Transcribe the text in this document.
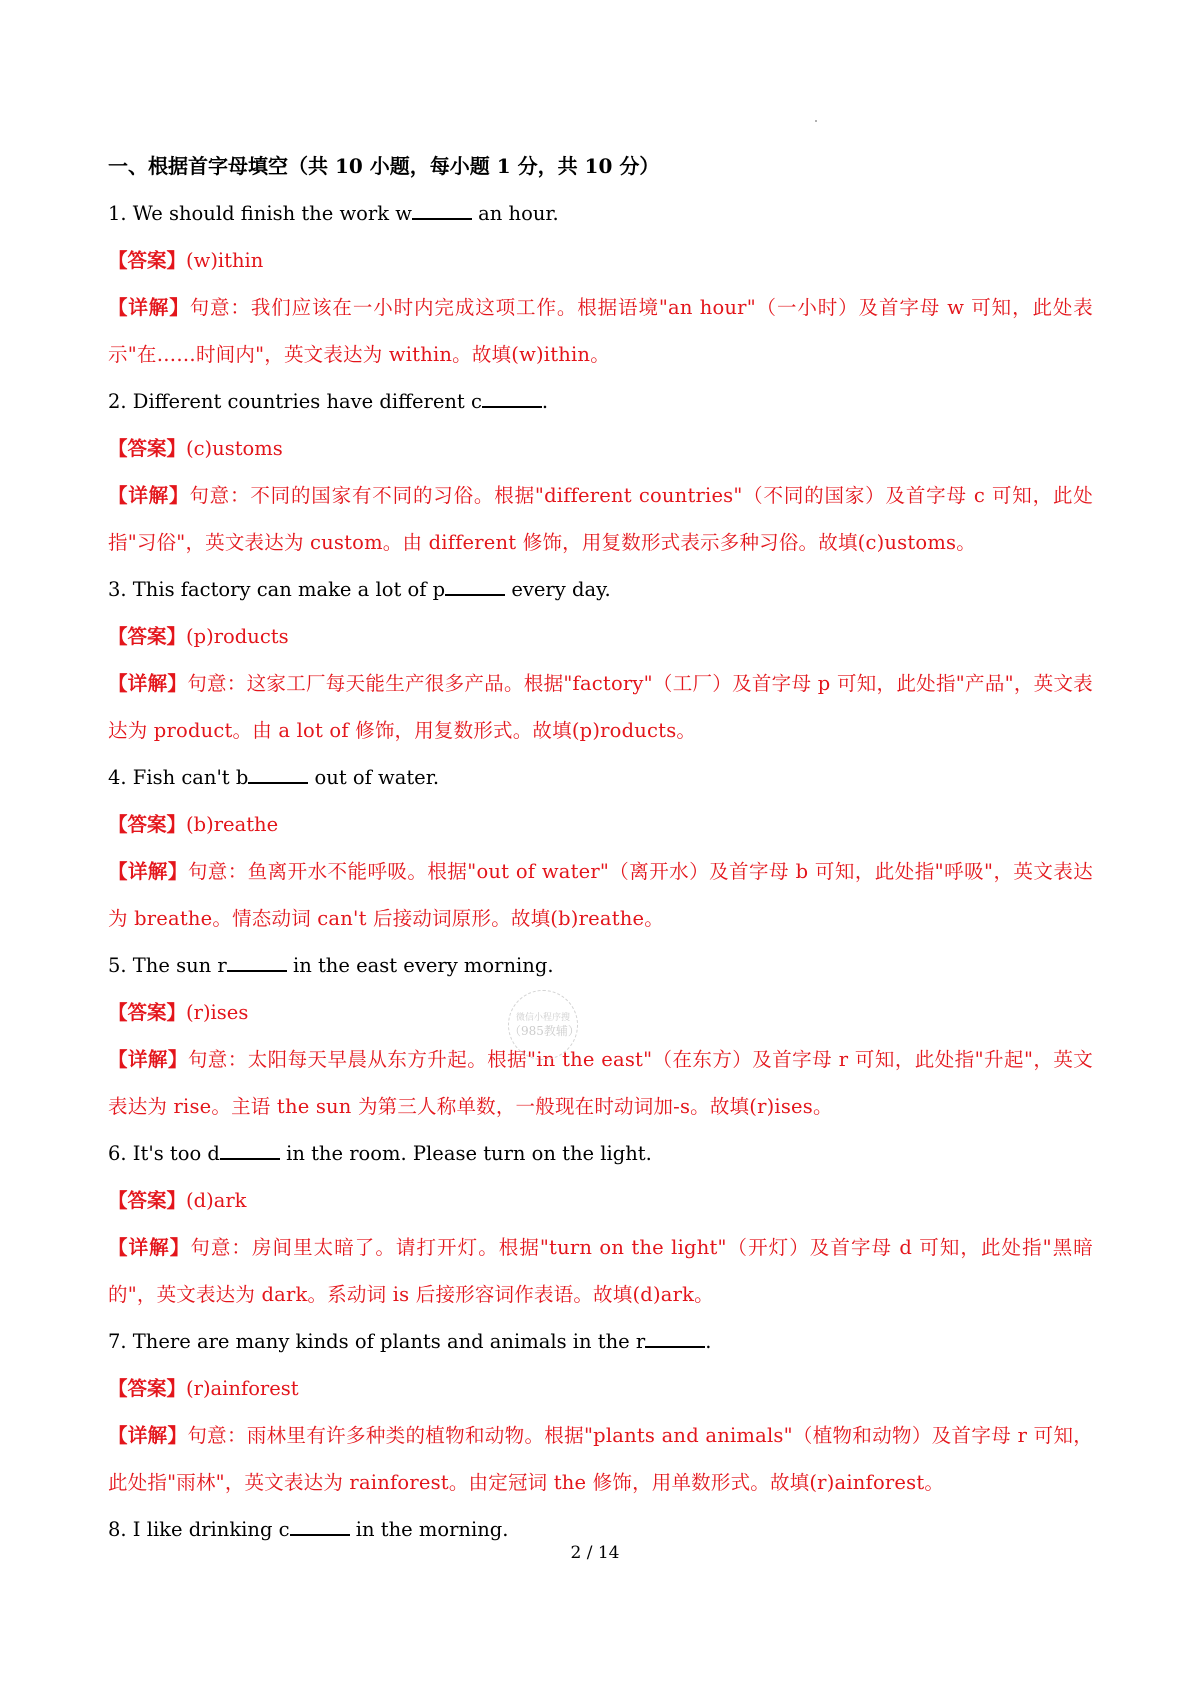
一、根据首字母填空（共 10 小题，每小题 1 分，共 10 分）

1. We should finish the work w	an hour.

【答案】(w)ithin

【详解】句意：我们应该在一小时内完成这项工作。根据语境"an hour"（一小时）及首字母 w 可知，此处表示"在……时间内"，英文表达为 within。故填(w)ithin。

2. Different countries have different c	.

【答案】(c)ustoms

【详解】句意：不同的国家有不同的习俗。根据"different countries"（不同的国家）及首字母 c 可知，此处指"习俗"，英文表达为 custom。由 different 修饰，用复数形式表示多种习俗。故填(c)ustoms。

3. This factory can make a lot of p	every day.

【答案】(p)roducts

【详解】句意：这家工厂每天能生产很多产品。根据"factory"（工厂）及首字母 p 可知，此处指"产品"，英文表达为 product。由 a lot of 修饰，用复数形式。故填(p)roducts。

4. Fish can't b	out of water.

【答案】(b)reathe

【详解】句意：鱼离开水不能呼吸。根据"out of water"（离开水）及首字母 b 可知，此处指"呼吸"，英文表达为 breathe。情态动词 can't 后接动词原形。故填(b)reathe。

5. The sun r	in the east every morning.

【答案】(r)ises

【详解】句意：太阳每天早晨从东方升起。根据"in the east"（在东方）及首字母 r 可知，此处指"升起"，英文表达为 rise。主语 the sun 为第三人称单数，一般现在时动词加-s。故填(r)ises。

6. It's too d	in the room. Please turn on the light.

【答案】(d)ark

【详解】句意：房间里太暗了。请打开灯。根据"turn on the light"（开灯）及首字母 d 可知，此处指"黑暗的"，英文表达为 dark。系动词 is 后接形容词作表语。故填(d)ark。

7. There are many kinds of plants and animals in the r	.

【答案】(r)ainforest

【详解】句意：雨林里有许多种类的植物和动物。根据"plants and animals"（植物和动物）及首字母 r 可知，此处指"雨林"，英文表达为 rainforest。由定冠词 the 修饰，用单数形式。故填(r)ainforest。

8. I like drinking c	in the morning.

微信小程序搜
（985教辅）
2 / 14
